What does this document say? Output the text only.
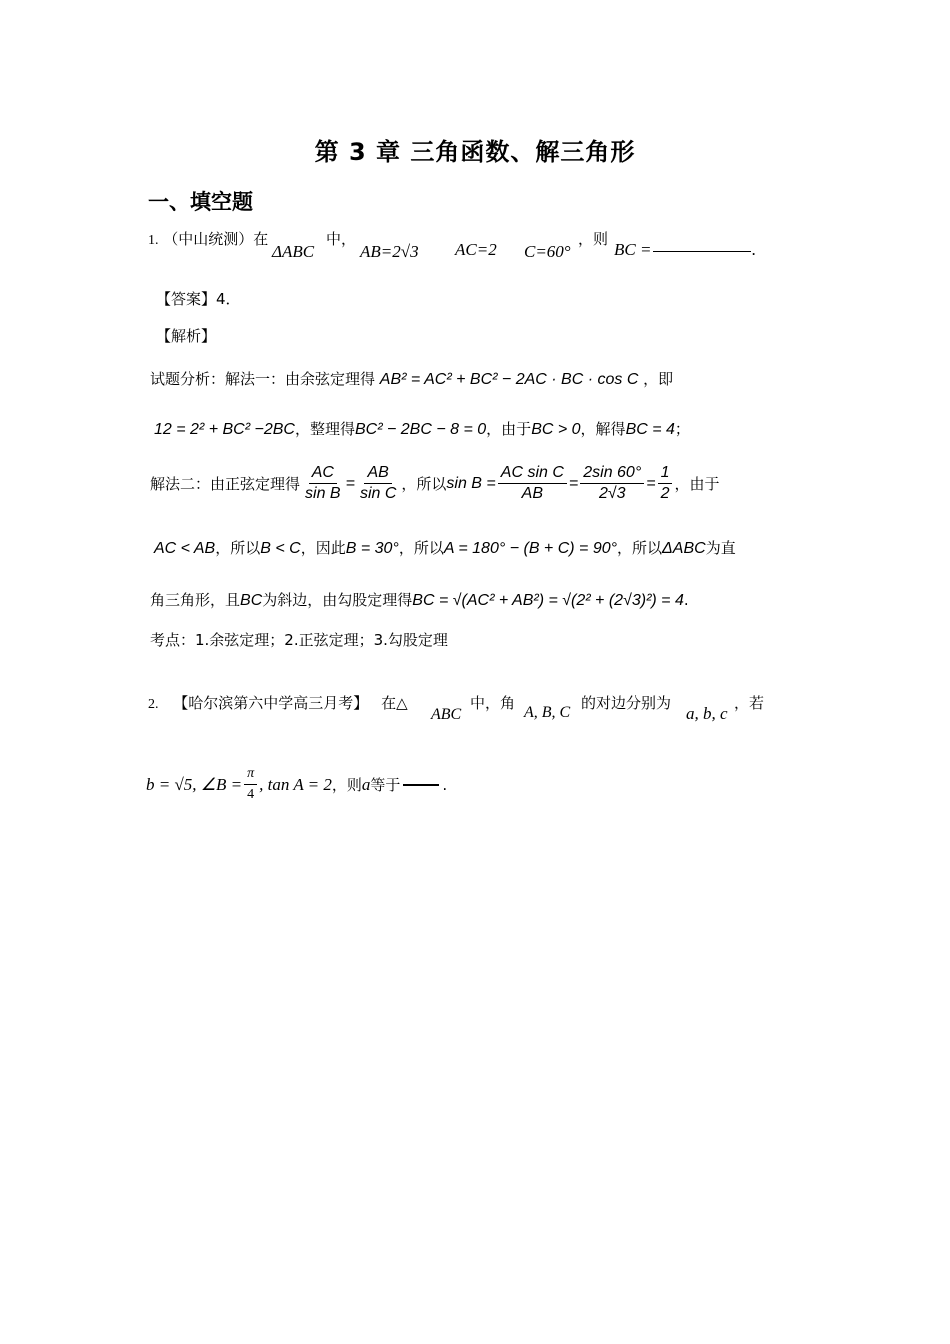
第 3 章 三角函数、解三角形
一、填空题
1. （中山统测）在
ΔABC
中，
AB=2√3 AC=2 C=60°
，则
BC =	.
【答案】4．
【解析】
试题分析：解法一：由余弦定理得 AB² = AC² + BC² − 2AC · BC · cos C ，即
12 = 2² + BC² −2BC，整理得BC² − 2BC − 8 = 0，由于BC > 0，解得BC = 4；
解法二：由正弦定理得 $\frac{AC}{\text{sin B}} = \frac{AB}{\text{sin C}}$ ，所以 $\sin B = \frac{\text{AC sin C}}{AB} = \frac{2\sin 60^\circ}{2√3} = \frac{1}{2}$ ，由于
AC < AB，所以B < C，因此B = 30°，所以A = 180° − (B + C) = 90°，所以ΔABC为直
角三角形，且BC为斜边，由勾股定理得BC = √(AC² + AB²) = √(2² + (2√3)²) = 4.
考点：1.余弦定理；2.正弦定理；3.勾股定理
2. 【哈尔滨第六中学高三月考】 在△
ABC
中，角
A, B, C
的对边分别为
a, b, c
，若
b = √5, ∠B = $\frac{\pi}{4}$ , tan A = 2 ，则 a 等于	.
